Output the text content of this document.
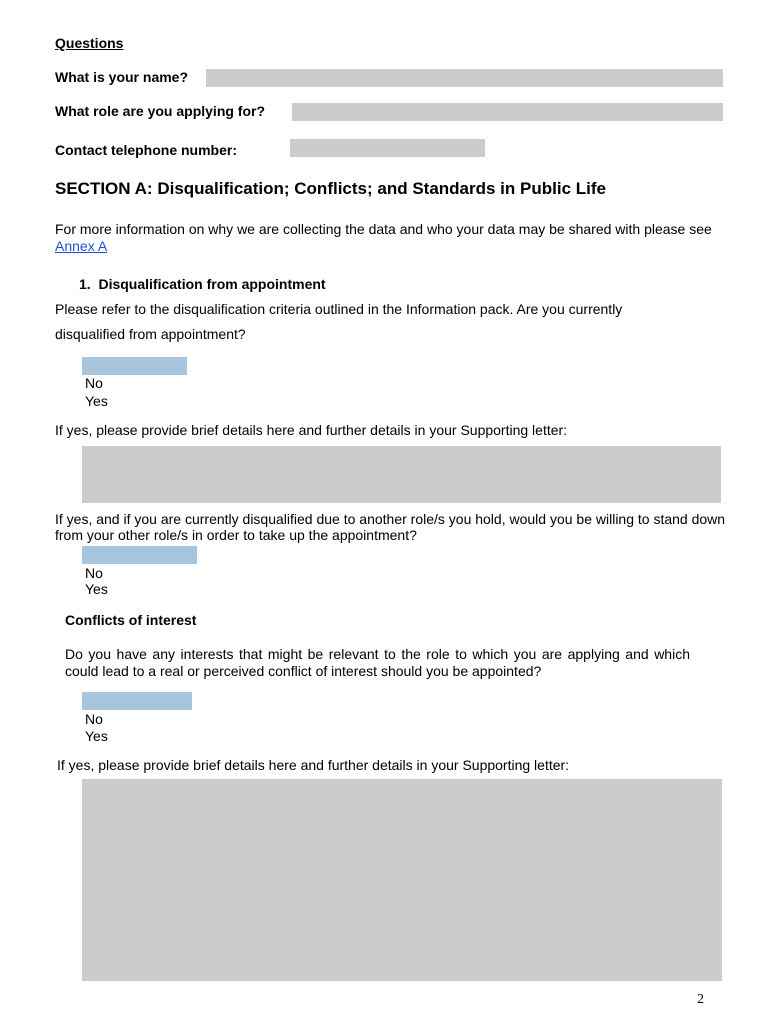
Questions
What is your name?
What role are you applying for?
Contact telephone number:
SECTION A: Disqualification; Conflicts; and Standards in Public Life
For more information on why we are collecting the data and who your data may be shared with please see Annex A
1.  Disqualification from appointment
Please refer to the disqualification criteria outlined in the Information pack. Are you currently
disqualified from appointment?
No
Yes
If yes, please provide brief details here and further details in your Supporting letter:
If yes, and if you are currently disqualified due to another role/s you hold, would you be willing to stand down from your other role/s in order to take up the appointment?
No
Yes
Conflicts of interest
Do you have any interests that might be relevant to the role to which you are applying and which could lead to a real or perceived conflict of interest should you be appointed?
No
Yes
If yes, please provide brief details here and further details in your Supporting letter:
2
